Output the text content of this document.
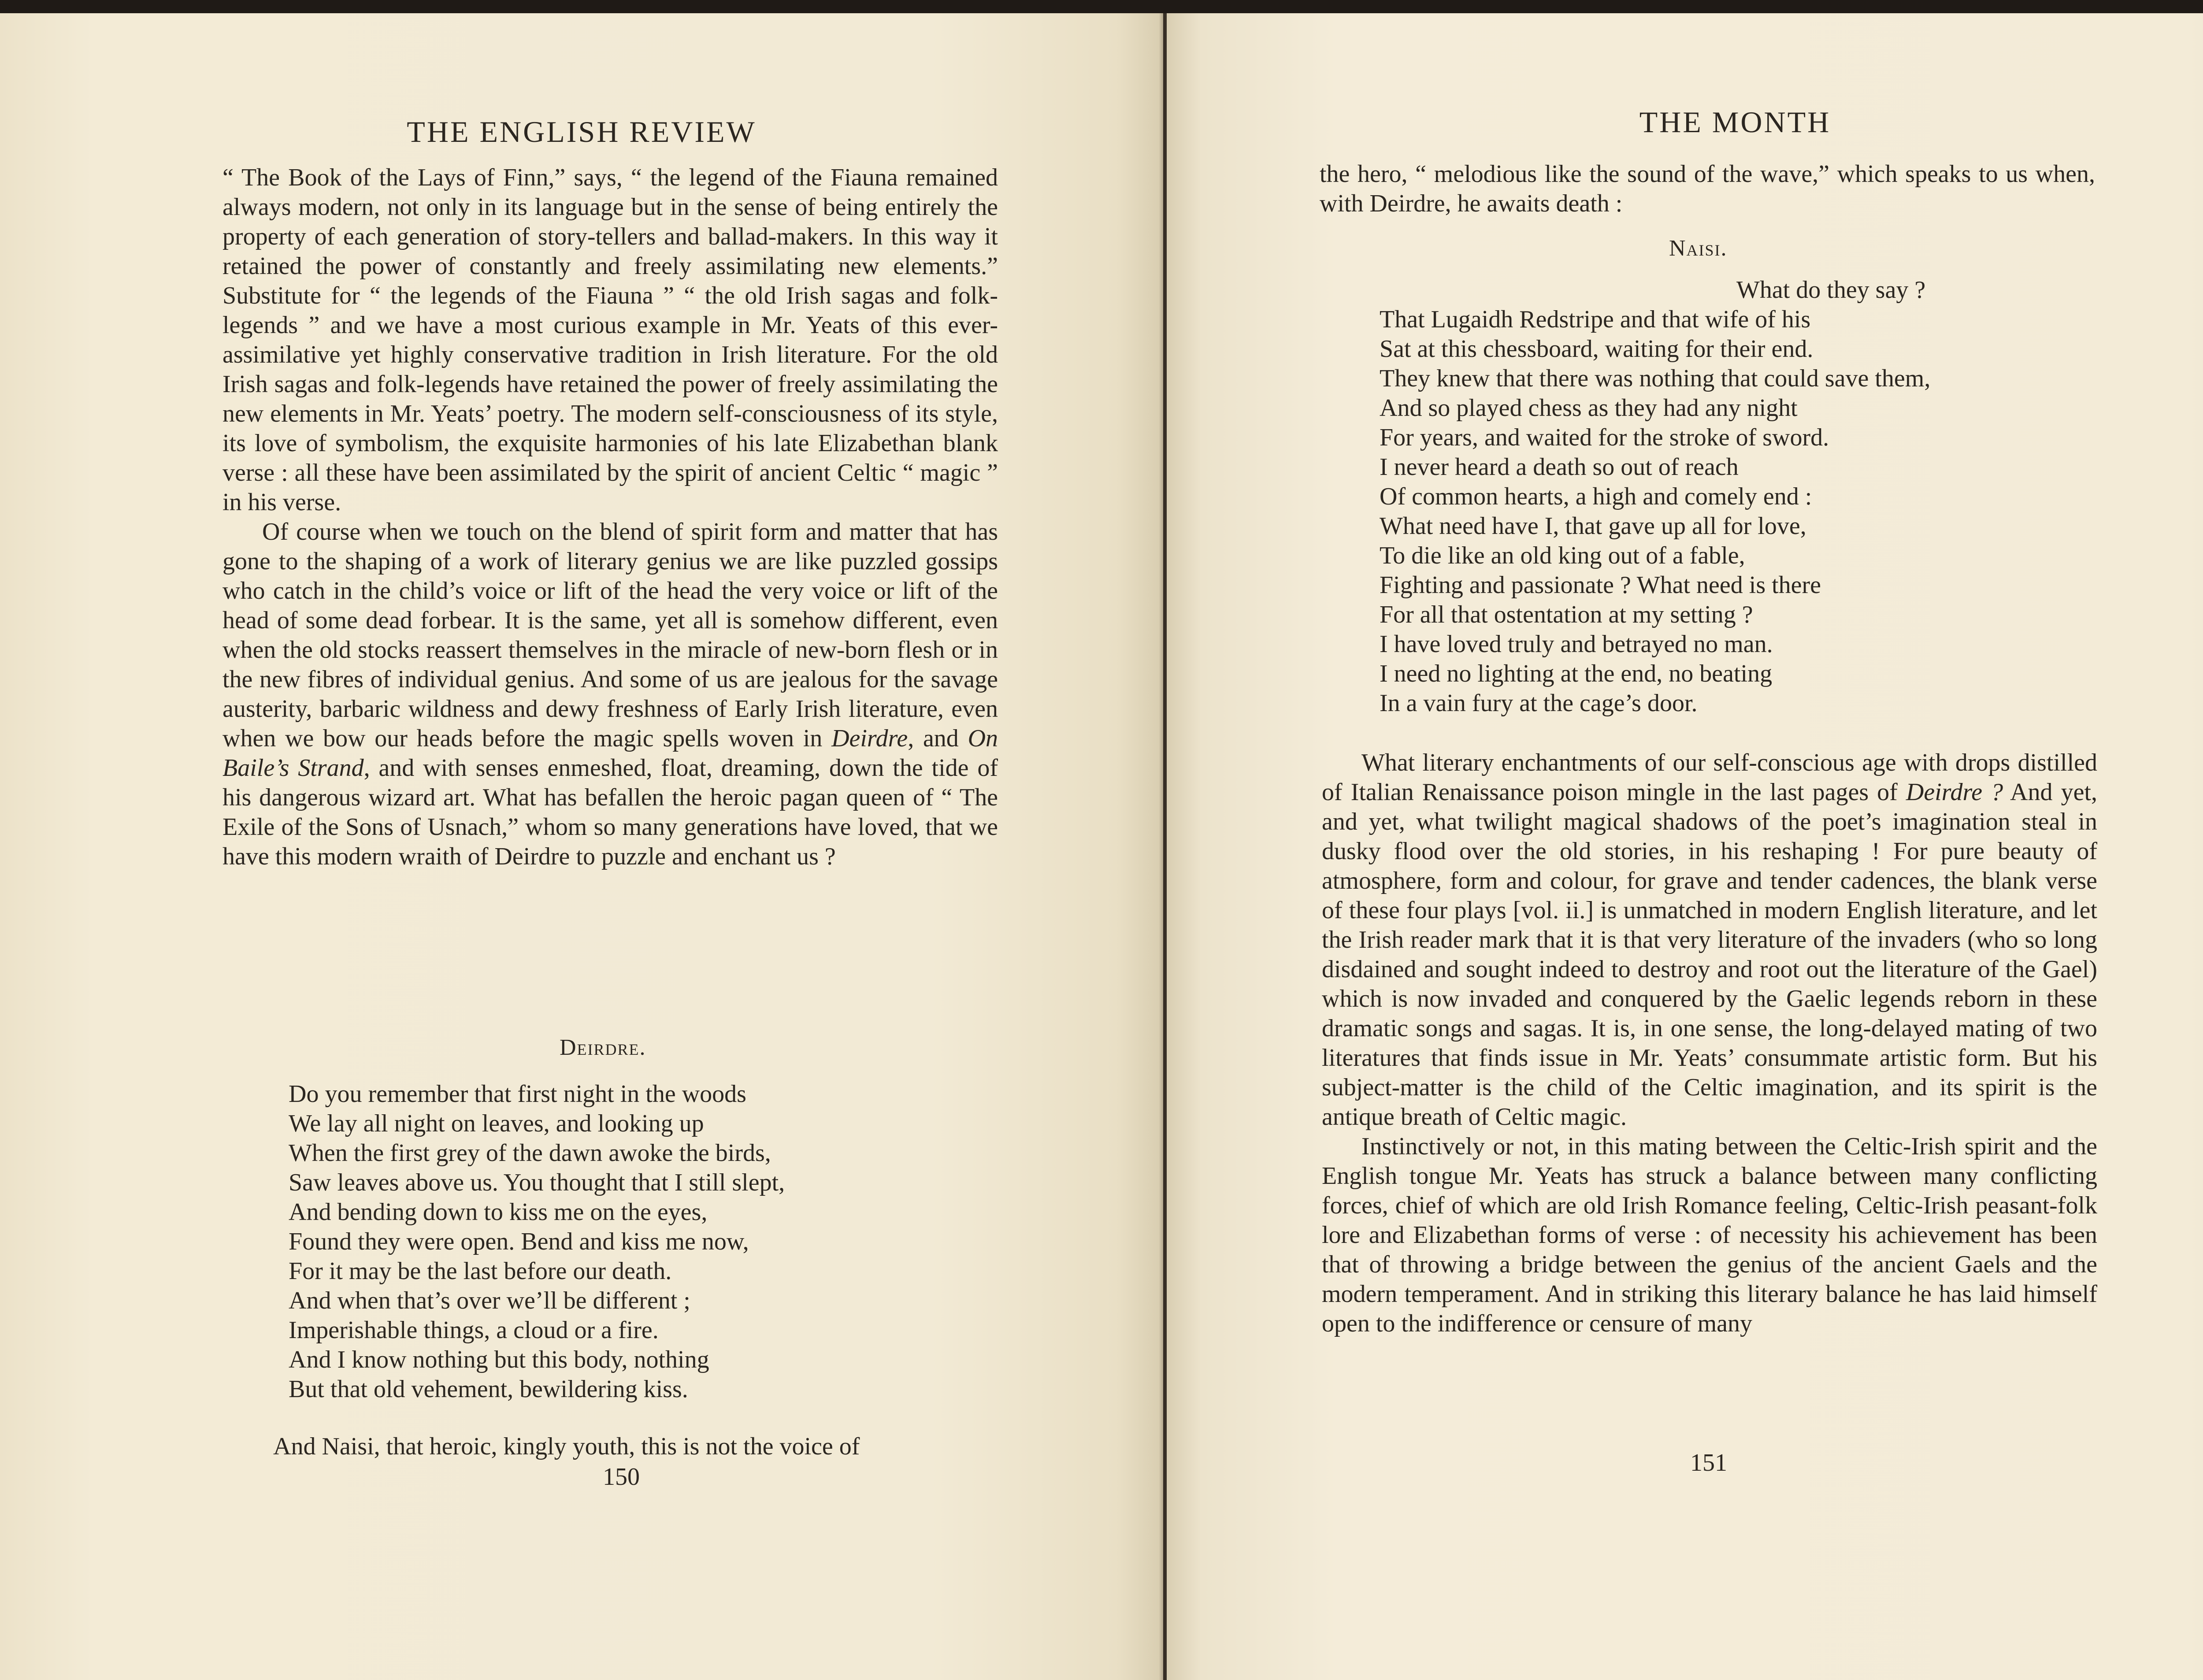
THE ENGLISH REVIEW

“ The Book of the Lays of Finn,” says, “ the legend of the Fiauna remained always modern, not only in its language but in the sense of being entirely the property of each generation of story-tellers and ballad-makers. In this way it retained the power of constantly and freely assimilating new elements.” Substitute for “ the legends of the Fiauna ” “ the old Irish sagas and folk-legends ” and we have a most curious example in Mr. Yeats of this ever-assimilative yet highly conservative tradition in Irish literature. For the old Irish sagas and folk-legends have retained the power of freely assimilating the new elements in Mr. Yeats’ poetry. The modern self-consciousness of its style, its love of symbolism, the exquisite harmonies of his late Elizabethan blank verse : all these have been assimilated by the spirit of ancient Celtic “ magic ” in his verse.

Of course when we touch on the blend of spirit form and matter that has gone to the shaping of a work of literary genius we are like puzzled gossips who catch in the child’s voice or lift of the head the very voice or lift of the head of some dead forbear. It is the same, yet all is somehow different, even when the old stocks reassert themselves in the miracle of new-born flesh or in the new fibres of individual genius. And some of us are jealous for the savage austerity, barbaric wildness and dewy freshness of Early Irish literature, even when we bow our heads before the magic spells woven in Deirdre, and On Baile’s Strand, and with senses enmeshed, float, dreaming, down the tide of his dangerous wizard art. What has befallen the heroic pagan queen of “ The Exile of the Sons of Usnach,” whom so many generations have loved, that we have this modern wraith of Deirdre to puzzle and enchant us ?

Deirdre.
Do you remember that first night in the woods
We lay all night on leaves, and looking up
When the first grey of the dawn awoke the birds,
Saw leaves above us. You thought that I still slept,
And bending down to kiss me on the eyes,
Found they were open. Bend and kiss me now,
For it may be the last before our death.
And when that’s over we’ll be different ;
Imperishable things, a cloud or a fire.
And I know nothing but this body, nothing
But that old vehement, bewildering kiss.
And Naisi, that heroic, kingly youth, this is not the voice of
150
THE MONTH

the hero, “ melodious like the sound of the wave,” which speaks to us when, with Deirdre, he awaits death :

Naisi.
What do they say ?
That Lugaidh Redstripe and that wife of his
Sat at this chessboard, waiting for their end.
They knew that there was nothing that could save them,
And so played chess as they had any night
For years, and waited for the stroke of sword.
I never heard a death so out of reach
Of common hearts, a high and comely end :
What need have I, that gave up all for love,
To die like an old king out of a fable,
Fighting and passionate ? What need is there
For all that ostentation at my setting ?
I have loved truly and betrayed no man.
I need no lighting at the end, no beating
In a vain fury at the cage’s door.

What literary enchantments of our self-conscious age with drops distilled of Italian Renaissance poison mingle in the last pages of Deirdre ? And yet, and yet, what twilight magical shadows of the poet’s imagination steal in dusky flood over the old stories, in his reshaping ! For pure beauty of atmosphere, form and colour, for grave and tender cadences, the blank verse of these four plays [vol. ii.] is unmatched in modern English literature, and let the Irish reader mark that it is that very literature of the invaders (who so long disdained and sought indeed to destroy and root out the literature of the Gael) which is now invaded and conquered by the Gaelic legends reborn in these dramatic songs and sagas. It is, in one sense, the long-delayed mating of two literatures that finds issue in Mr. Yeats’ consummate artistic form. But his subject-matter is the child of the Celtic imagination, and its spirit is the antique breath of Celtic magic.

Instinctively or not, in this mating between the Celtic-Irish spirit and the English tongue Mr. Yeats has struck a balance between many conflicting forces, chief of which are old Irish Romance feeling, Celtic-Irish peasant-folk lore and Elizabethan forms of verse : of necessity his achievement has been that of throwing a bridge between the genius of the ancient Gaels and the modern temperament. And in striking this literary balance he has laid himself open to the indifference or censure of many

151
